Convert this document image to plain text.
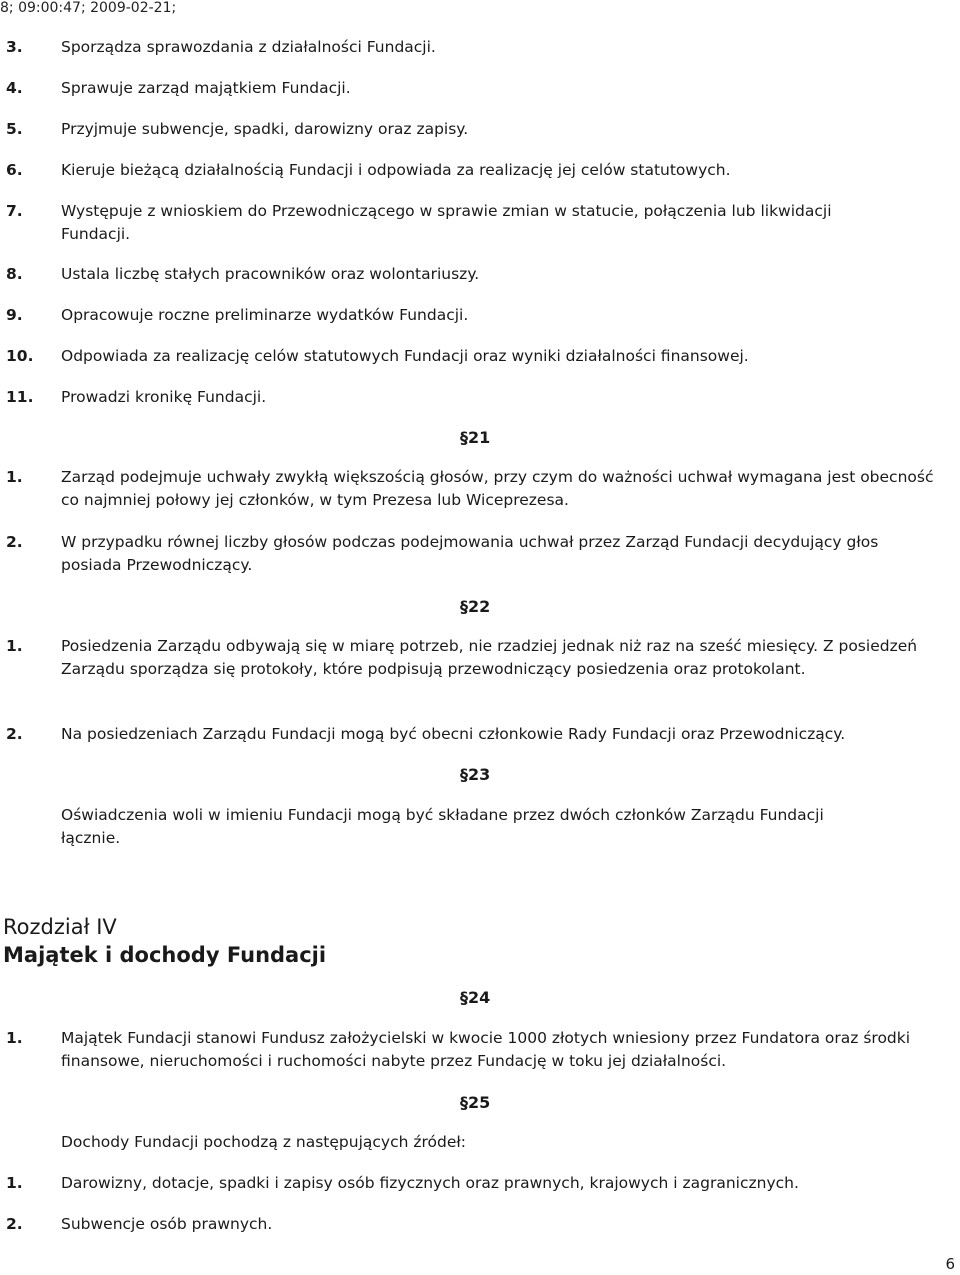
8; 09:00:47; 2009-02-21;
3. Sporządza sprawozdania z działalności Fundacji.
4. Sprawuje zarząd majątkiem Fundacji.
5. Przyjmuje subwencje, spadki, darowizny oraz zapisy.
6. Kieruje bieżącą działalnością Fundacji i odpowiada za realizację jej celów statutowych.
7. Występuje z wnioskiem do Przewodniczącego w sprawie zmian w statucie, połączenia lub likwidacji Fundacji.
8. Ustala liczbę stałych pracowników oraz wolontariuszy.
9. Opracowuje roczne preliminarze wydatków Fundacji.
10. Odpowiada za realizację celów statutowych Fundacji oraz wyniki działalności finansowej.
11. Prowadzi kronikę Fundacji.
§21
1. Zarząd podejmuje uchwały zwykłą większością głosów, przy czym do ważności uchwał wymagana jest obecność co najmniej połowy jej członków, w tym Prezesa lub Wiceprezesa.
2. W przypadku równej liczby głosów podczas podejmowania uchwał przez Zarząd Fundacji decydujący głos posiada Przewodniczący.
§22
1. Posiedzenia Zarządu odbywają się w miarę potrzeb, nie rzadziej jednak niż raz na sześć miesięcy. Z posiedzeń Zarządu sporządza się protokoły, które podpisują przewodniczący posiedzenia oraz protokolant.
2. Na posiedzeniach Zarządu Fundacji mogą być obecni członkowie Rady Fundacji oraz Przewodniczący.
§23
Oświadczenia woli w imieniu Fundacji mogą być składane przez dwóch członków Zarządu Fundacji łącznie.
Rozdział IV
Majątek i dochody Fundacji
§24
1. Majątek Fundacji stanowi Fundusz założycielski w kwocie 1000 złotych wniesiony przez Fundatora oraz środki finansowe, nieruchomości i ruchomości nabyte przez Fundację w toku jej działalności.
§25
Dochody Fundacji pochodzą z następujących źródeł:
1. Darowizny, dotacje, spadki i zapisy osób fizycznych oraz prawnych, krajowych i zagranicznych.
2. Subwencje osób prawnych.
6
